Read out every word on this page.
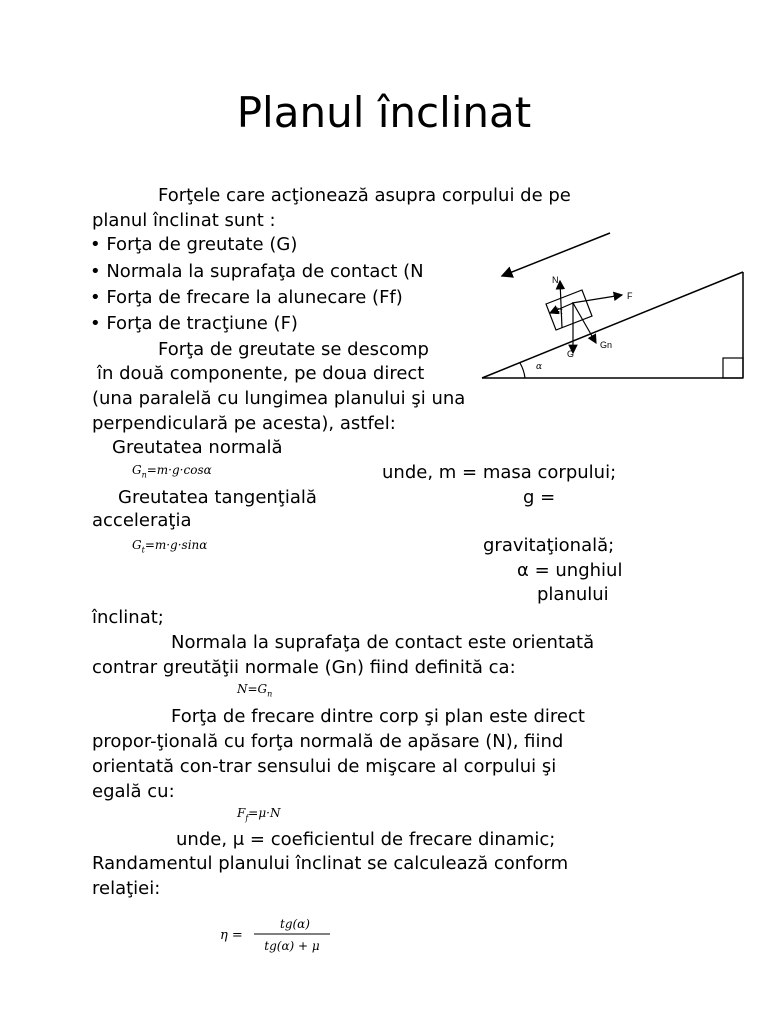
Planul înclinat
Forţele care acţionează asupra corpului de pe
planul înclinat sunt :
• Forţa de greutate (G)
• Normala la suprafaţa de contact (N
• Forţa de frecare la alunecare (Ff)
• Forţa de tracţiune (F)
Forţa de greutate se descomp
în două componente, pe doua direct
(una paralelă cu lungimea planului şi una
perpendiculară pe acesta), astfel:
Greutatea normală
$G_n=m\cdot g\cdot\cos\alpha$	unde, m = masa corpului;
Greutatea tangenţială	g =
acceleraţia
$G_t=m\cdot g\cdot\sin\alpha$	gravitaţională;
α = unghiul
planului
înclinat;
Normala la suprafaţa de contact este orientată
contrar greutăţii normale (Gn) fiind definită ca:
$N=G_n$
Forţa de frecare dintre corp şi plan este direct
propor-ţională cu forţa normală de apăsare (N), fiind
orientată con-trar sensului de mişcare al corpului şi
egală cu:
$F_f=\mu\cdot N$
unde, μ = coeficientul de frecare dinamic;
Randamentul planului înclinat se calculează conform
relaţiei:
η =
tg(α)
tg(α) + μ
α
N
Gt
F
G
Gn
